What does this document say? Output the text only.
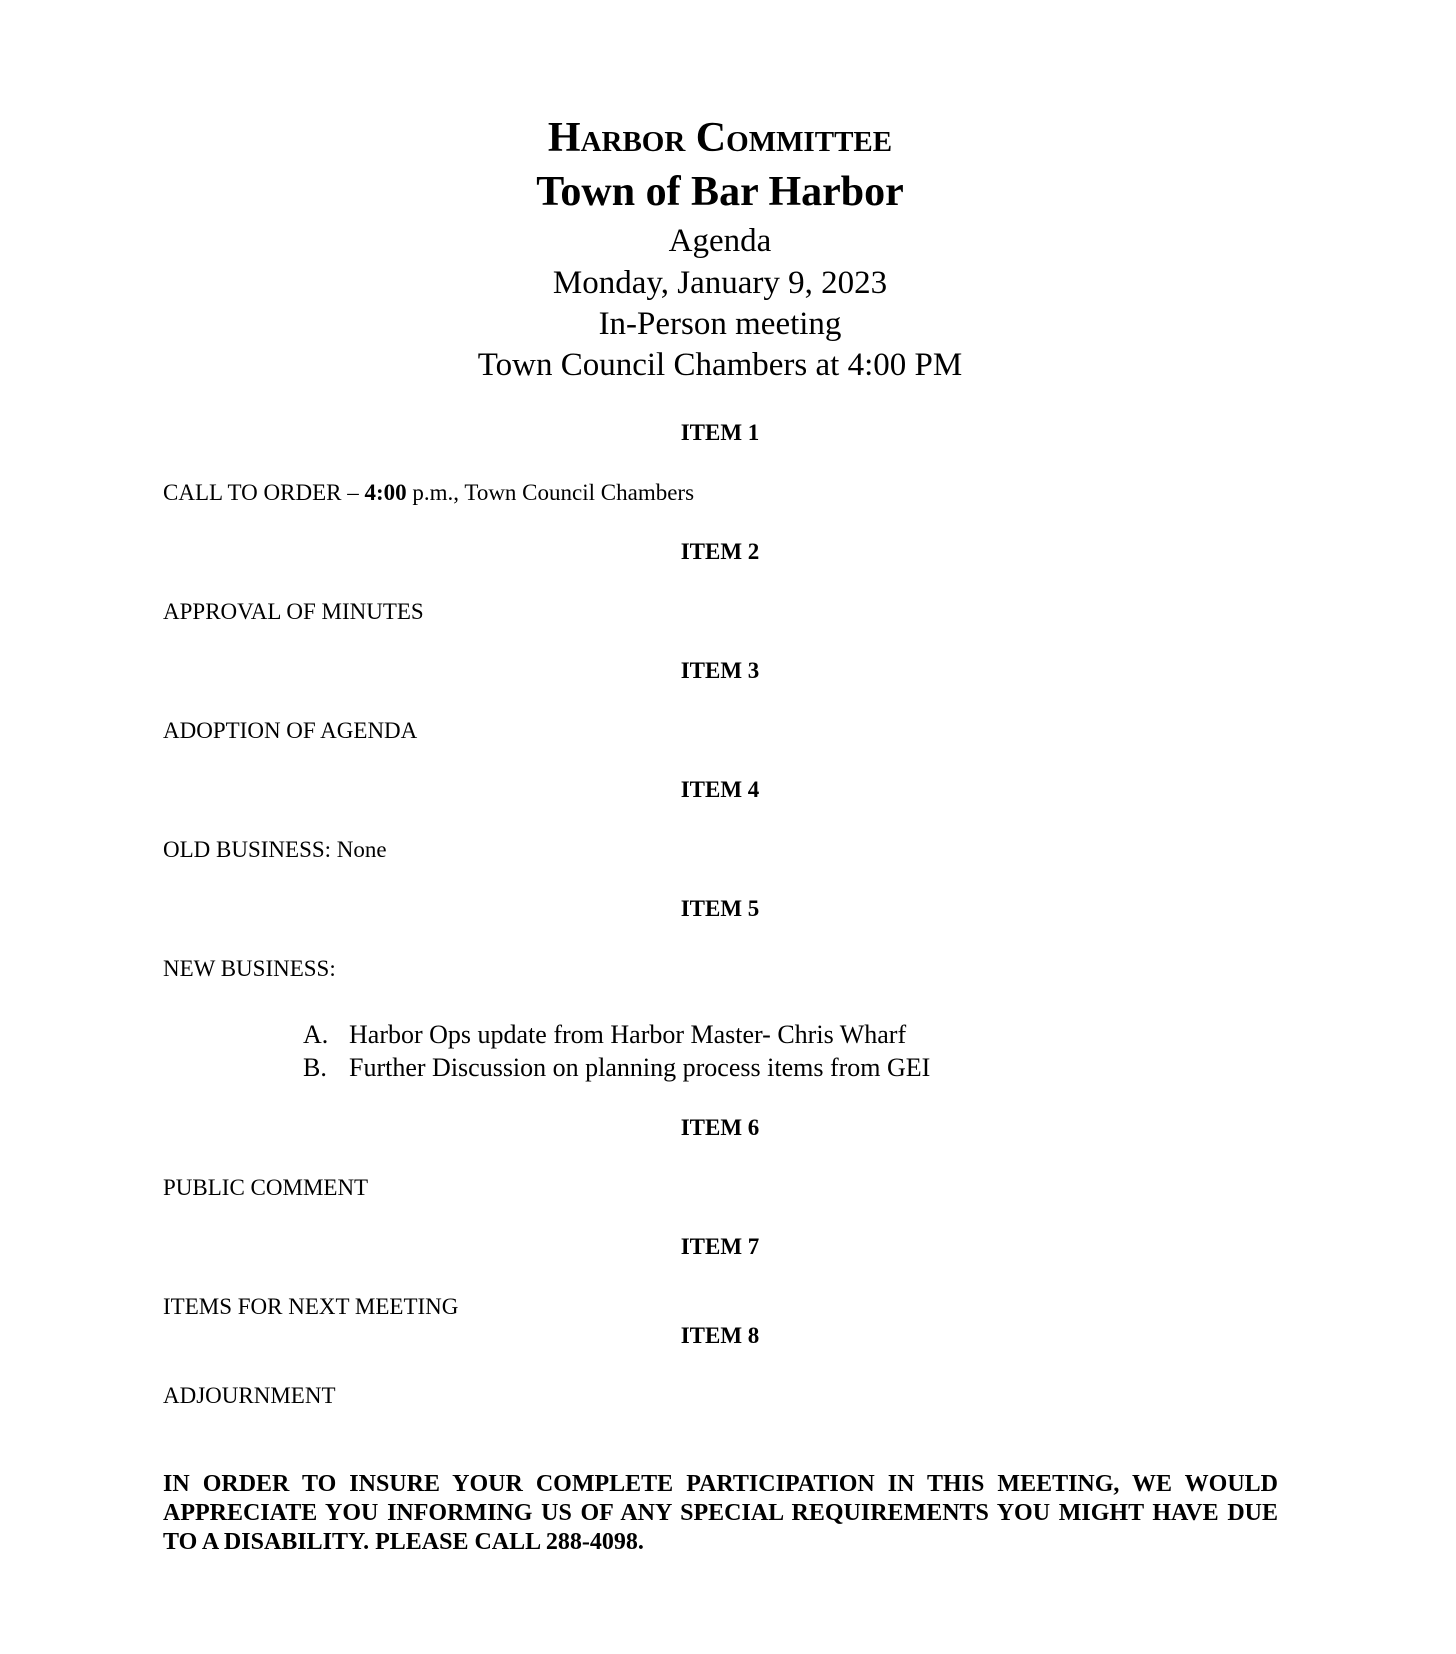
Harbor Committee
Town of Bar Harbor
Agenda
Monday, January 9, 2023
In-Person meeting
Town Council Chambers at 4:00 PM
ITEM 1
CALL TO ORDER – 4:00 p.m., Town Council Chambers
ITEM 2
APPROVAL OF MINUTES
ITEM 3
ADOPTION OF AGENDA
ITEM 4
OLD BUSINESS: None
ITEM 5
NEW BUSINESS:
A. Harbor Ops update from Harbor Master- Chris Wharf
B. Further Discussion on planning process items from GEI
ITEM 6
PUBLIC COMMENT
ITEM 7
ITEMS FOR NEXT MEETING
ITEM 8
ADJOURNMENT
IN ORDER TO INSURE YOUR COMPLETE PARTICIPATION IN THIS MEETING, WE WOULD APPRECIATE YOU INFORMING US OF ANY SPECIAL REQUIREMENTS YOU MIGHT HAVE DUE TO A DISABILITY. PLEASE CALL 288-4098.
